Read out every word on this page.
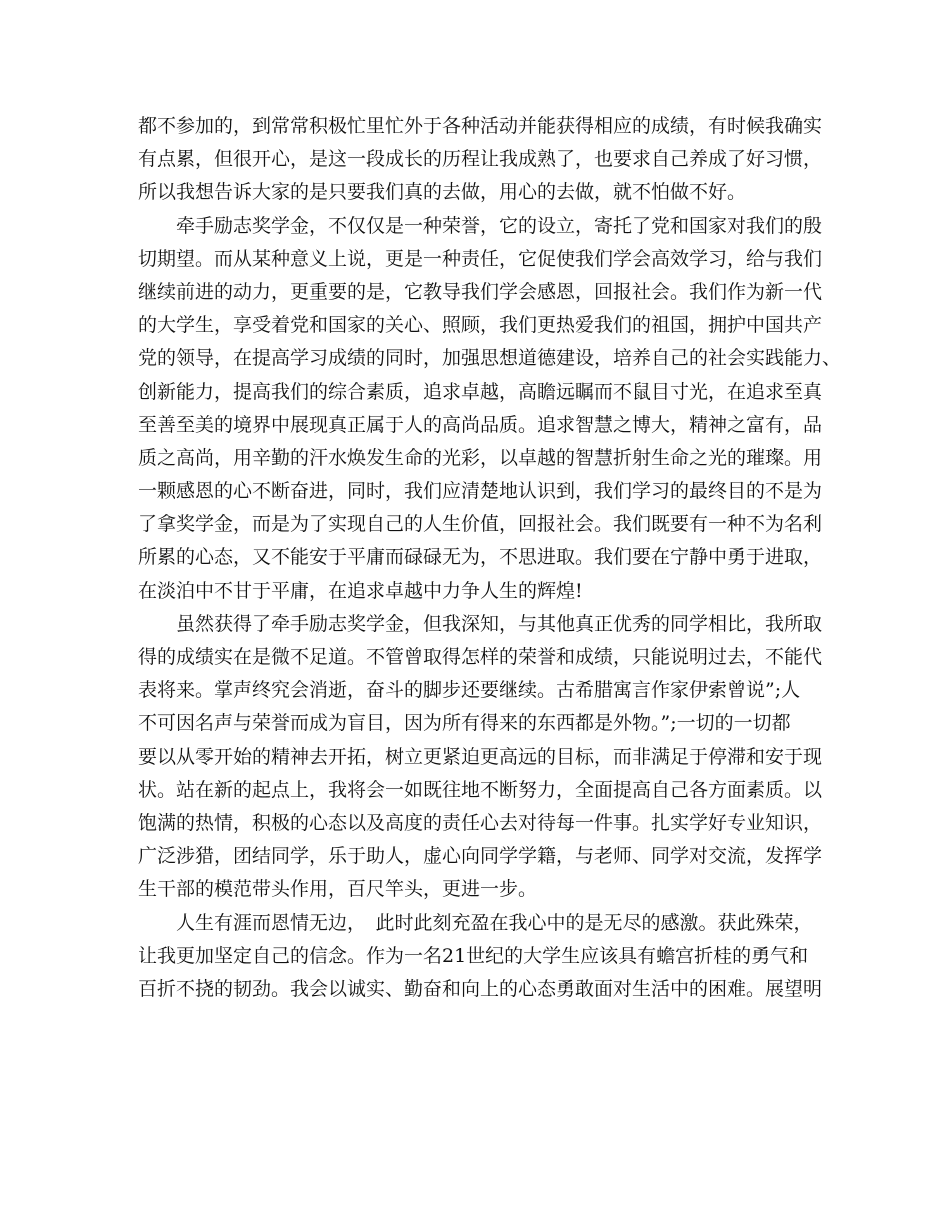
都不参加的，到常常积极忙里忙外于各种活动并能获得相应的成绩，有时候我确实
有点累，但很开心，是这一段成长的历程让我成熟了，也要求自己养成了好习惯，
所以我想告诉大家的是只要我们真的去做，用心的去做，就不怕做不好。
　　牵手励志奖学金，不仅仅是一种荣誉，它的设立，寄托了党和国家对我们的殷
切期望。而从某种意义上说，更是一种责任，它促使我们学会高效学习，给与我们
继续前进的动力，更重要的是，它教导我们学会感恩，回报社会。我们作为新一代
的大学生，享受着党和国家的关心、照顾，我们更热爱我们的祖国，拥护中国共产
党的领导，在提高学习成绩的同时，加强思想道德建设，培养自己的社会实践能力、
创新能力，提高我们的综合素质，追求卓越，高瞻远瞩而不鼠目寸光，在追求至真
至善至美的境界中展现真正属于人的高尚品质。追求智慧之博大，精神之富有，品
质之高尚，用辛勤的汗水焕发生命的光彩，以卓越的智慧折射生命之光的璀璨。用
一颗感恩的心不断奋进，同时，我们应清楚地认识到，我们学习的最终目的不是为
了拿奖学金，而是为了实现自己的人生价值，回报社会。我们既要有一种不为名利
所累的心态，又不能安于平庸而碌碌无为，不思进取。我们要在宁静中勇于进取，
在淡泊中不甘于平庸，在追求卓越中力争人生的辉煌!
　　虽然获得了牵手励志奖学金，但我深知，与其他真正优秀的同学相比，我所取
得的成绩实在是微不足道。不管曾取得怎样的荣誉和成绩，只能说明过去，不能代
表将来。掌声终究会消逝，奋斗的脚步还要继续。古希腊寓言作家伊索曾说”;人
不可因名声与荣誉而成为盲目，因为所有得来的东西都是外物。”;一切的一切都
要以从零开始的精神去开拓，树立更紧迫更高远的目标，而非满足于停滞和安于现
状。站在新的起点上，我将会一如既往地不断努力，全面提高自己各方面素质。以
饱满的热情，积极的心态以及高度的责任心去对待每一件事。扎实学好专业知识，
广泛涉猎，团结同学，乐于助人，虚心向同学学籍，与老师、同学对交流，发挥学
生干部的模范带头作用，百尺竿头，更进一步。
　　人生有涯而恩情无边，　此时此刻充盈在我心中的是无尽的感激。获此殊荣，
让我更加坚定自己的信念。作为一名21世纪的大学生应该具有蟾宫折桂的勇气和
百折不挠的韧劲。我会以诚实、勤奋和向上的心态勇敢面对生活中的困难。展望明
